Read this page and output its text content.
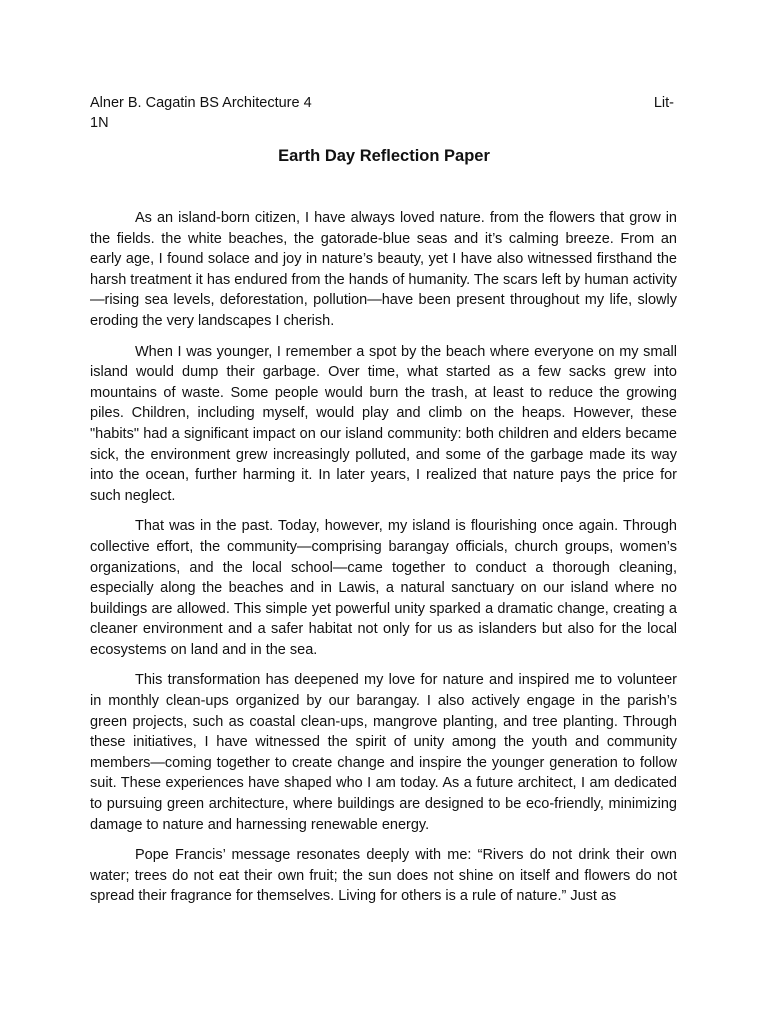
Alner B. Cagatin BS Architecture 4	Lit-
1N
Earth Day Reflection Paper

As an island-born citizen, I have always loved nature. from the flowers that grow in the fields. the white beaches, the gatorade-blue seas and it’s calming breeze. From an early age, I found solace and joy in nature’s beauty, yet I have also witnessed firsthand the harsh treatment it has endured from the hands of humanity. The scars left by human activity—rising sea levels, deforestation, pollution—have been present throughout my life, slowly eroding the very landscapes I cherish.

When I was younger, I remember a spot by the beach where everyone on my small island would dump their garbage. Over time, what started as a few sacks grew into mountains of waste. Some people would burn the trash, at least to reduce the growing piles. Children, including myself, would play and climb on the heaps. However, these "habits" had a significant impact on our island community: both children and elders became sick, the environment grew increasingly polluted, and some of the garbage made its way into the ocean, further harming it. In later years, I realized that nature pays the price for such neglect.

That was in the past. Today, however, my island is flourishing once again. Through collective effort, the community—comprising barangay officials, church groups, women’s organizations, and the local school—came together to conduct a thorough cleaning, especially along the beaches and in Lawis, a natural sanctuary on our island where no buildings are allowed. This simple yet powerful unity sparked a dramatic change, creating a cleaner environment and a safer habitat not only for us as islanders but also for the local ecosystems on land and in the sea.

This transformation has deepened my love for nature and inspired me to volunteer in monthly clean-ups organized by our barangay. I also actively engage in the parish’s green projects, such as coastal clean-ups, mangrove planting, and tree planting. Through these initiatives, I have witnessed the spirit of unity among the youth and community members—coming together to create change and inspire the younger generation to follow suit. These experiences have shaped who I am today. As a future architect, I am dedicated to pursuing green architecture, where buildings are designed to be eco-friendly, minimizing damage to nature and harnessing renewable energy.

Pope Francis’ message resonates deeply with me: “Rivers do not drink their own water; trees do not eat their own fruit; the sun does not shine on itself and flowers do not spread their fragrance for themselves. Living for others is a rule of nature.” Just as
